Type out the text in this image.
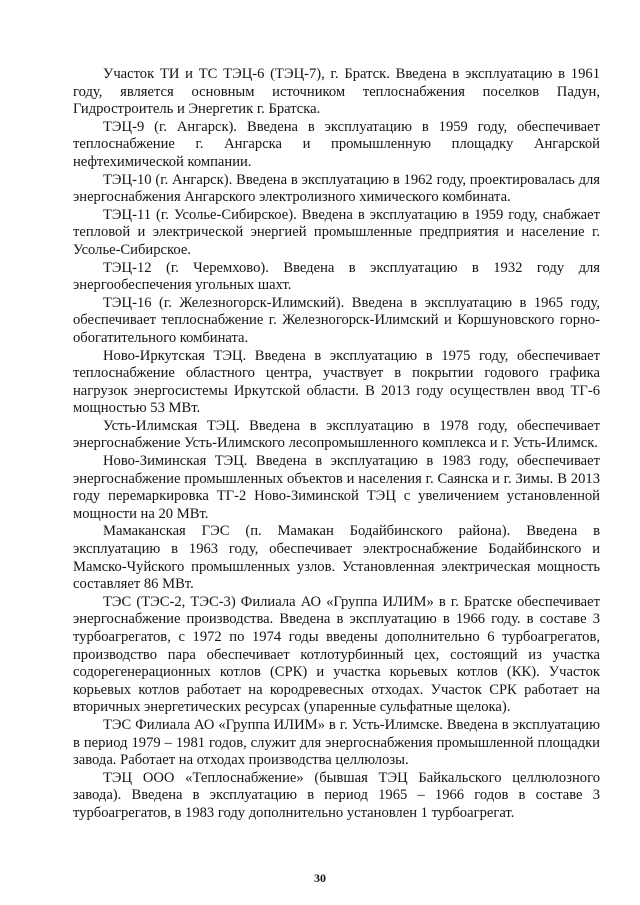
Участок ТИ и ТС ТЭЦ-6 (ТЭЦ-7), г. Братск. Введена в эксплуатацию в 1961 году, является основным источником теплоснабжения поселков Падун, Гидростроитель и Энергетик г. Братска.

ТЭЦ-9 (г. Ангарск). Введена в эксплуатацию в 1959 году, обеспечивает теплоснабжение г. Ангарска и промышленную площадку Ангарской нефтехимической компании.

ТЭЦ-10 (г. Ангарск). Введена в эксплуатацию в 1962 году, проектировалась для энергоснабжения Ангарского электролизного химического комбината.

ТЭЦ-11 (г. Усолье-Сибирское). Введена в эксплуатацию в 1959 году, снабжает тепловой и электрической энергией промышленные предприятия и население г. Усолье-Сибирское.

ТЭЦ-12 (г. Черемхово). Введена в эксплуатацию в 1932 году для энергообеспечения угольных шахт.

ТЭЦ-16 (г. Железногорск-Илимский). Введена в эксплуатацию в 1965 году, обеспечивает теплоснабжение г. Железногорск-Илимский и Коршуновского горно-обогатительного комбината.

Ново-Иркутская ТЭЦ. Введена в эксплуатацию в 1975 году, обеспечивает теплоснабжение областного центра, участвует в покрытии годового графика нагрузок энергосистемы Иркутской области. В 2013 году осуществлен ввод ТГ-6 мощностью 53 МВт.

Усть-Илимская ТЭЦ. Введена в эксплуатацию в 1978 году, обеспечивает энергоснабжение Усть-Илимского лесопромышленного комплекса и г. Усть-Илимск.

Ново-Зиминская ТЭЦ. Введена в эксплуатацию в 1983 году, обеспечивает энергоснабжение промышленных объектов и населения г. Саянска и г. Зимы. В 2013 году перемаркировка ТГ-2 Ново-Зиминской ТЭЦ с увеличением установленной мощности на 20 МВт.

Мамаканская ГЭС (п. Мамакан Бодайбинского района). Введена в эксплуатацию в 1963 году, обеспечивает электроснабжение Бодайбинского и Мамско-Чуйского промышленных узлов. Установленная электрическая мощность составляет 86 МВт.

ТЭС (ТЭС-2, ТЭС-3) Филиала АО «Группа ИЛИМ» в г. Братске обеспечивает энергоснабжение производства. Введена в эксплуатацию в 1966 году. в составе 3 турбоагрегатов, с 1972 по 1974 годы введены дополнительно 6 турбоагрегатов, производство пара обеспечивает котлотурбинный цех, состоящий из участка содорегенерационных котлов (СРК) и участка корьевых котлов (КК). Участок корьевых котлов работает на кородревесных отходах. Участок СРК работает на вторичных энергетических ресурсах (упаренные сульфатные щелока).

ТЭС Филиала АО «Группа ИЛИМ» в г. Усть-Илимске. Введена в эксплуатацию в период 1979 – 1981 годов, служит для энергоснабжения промышленной площадки завода. Работает на отходах производства целлюлозы.

ТЭЦ ООО «Теплоснабжение» (бывшая ТЭЦ Байкальского целлюлозного завода). Введена в эксплуатацию в период 1965 – 1966 годов в составе 3 турбоагрегатов, в 1983 году дополнительно установлен 1 турбоагрегат.

30
